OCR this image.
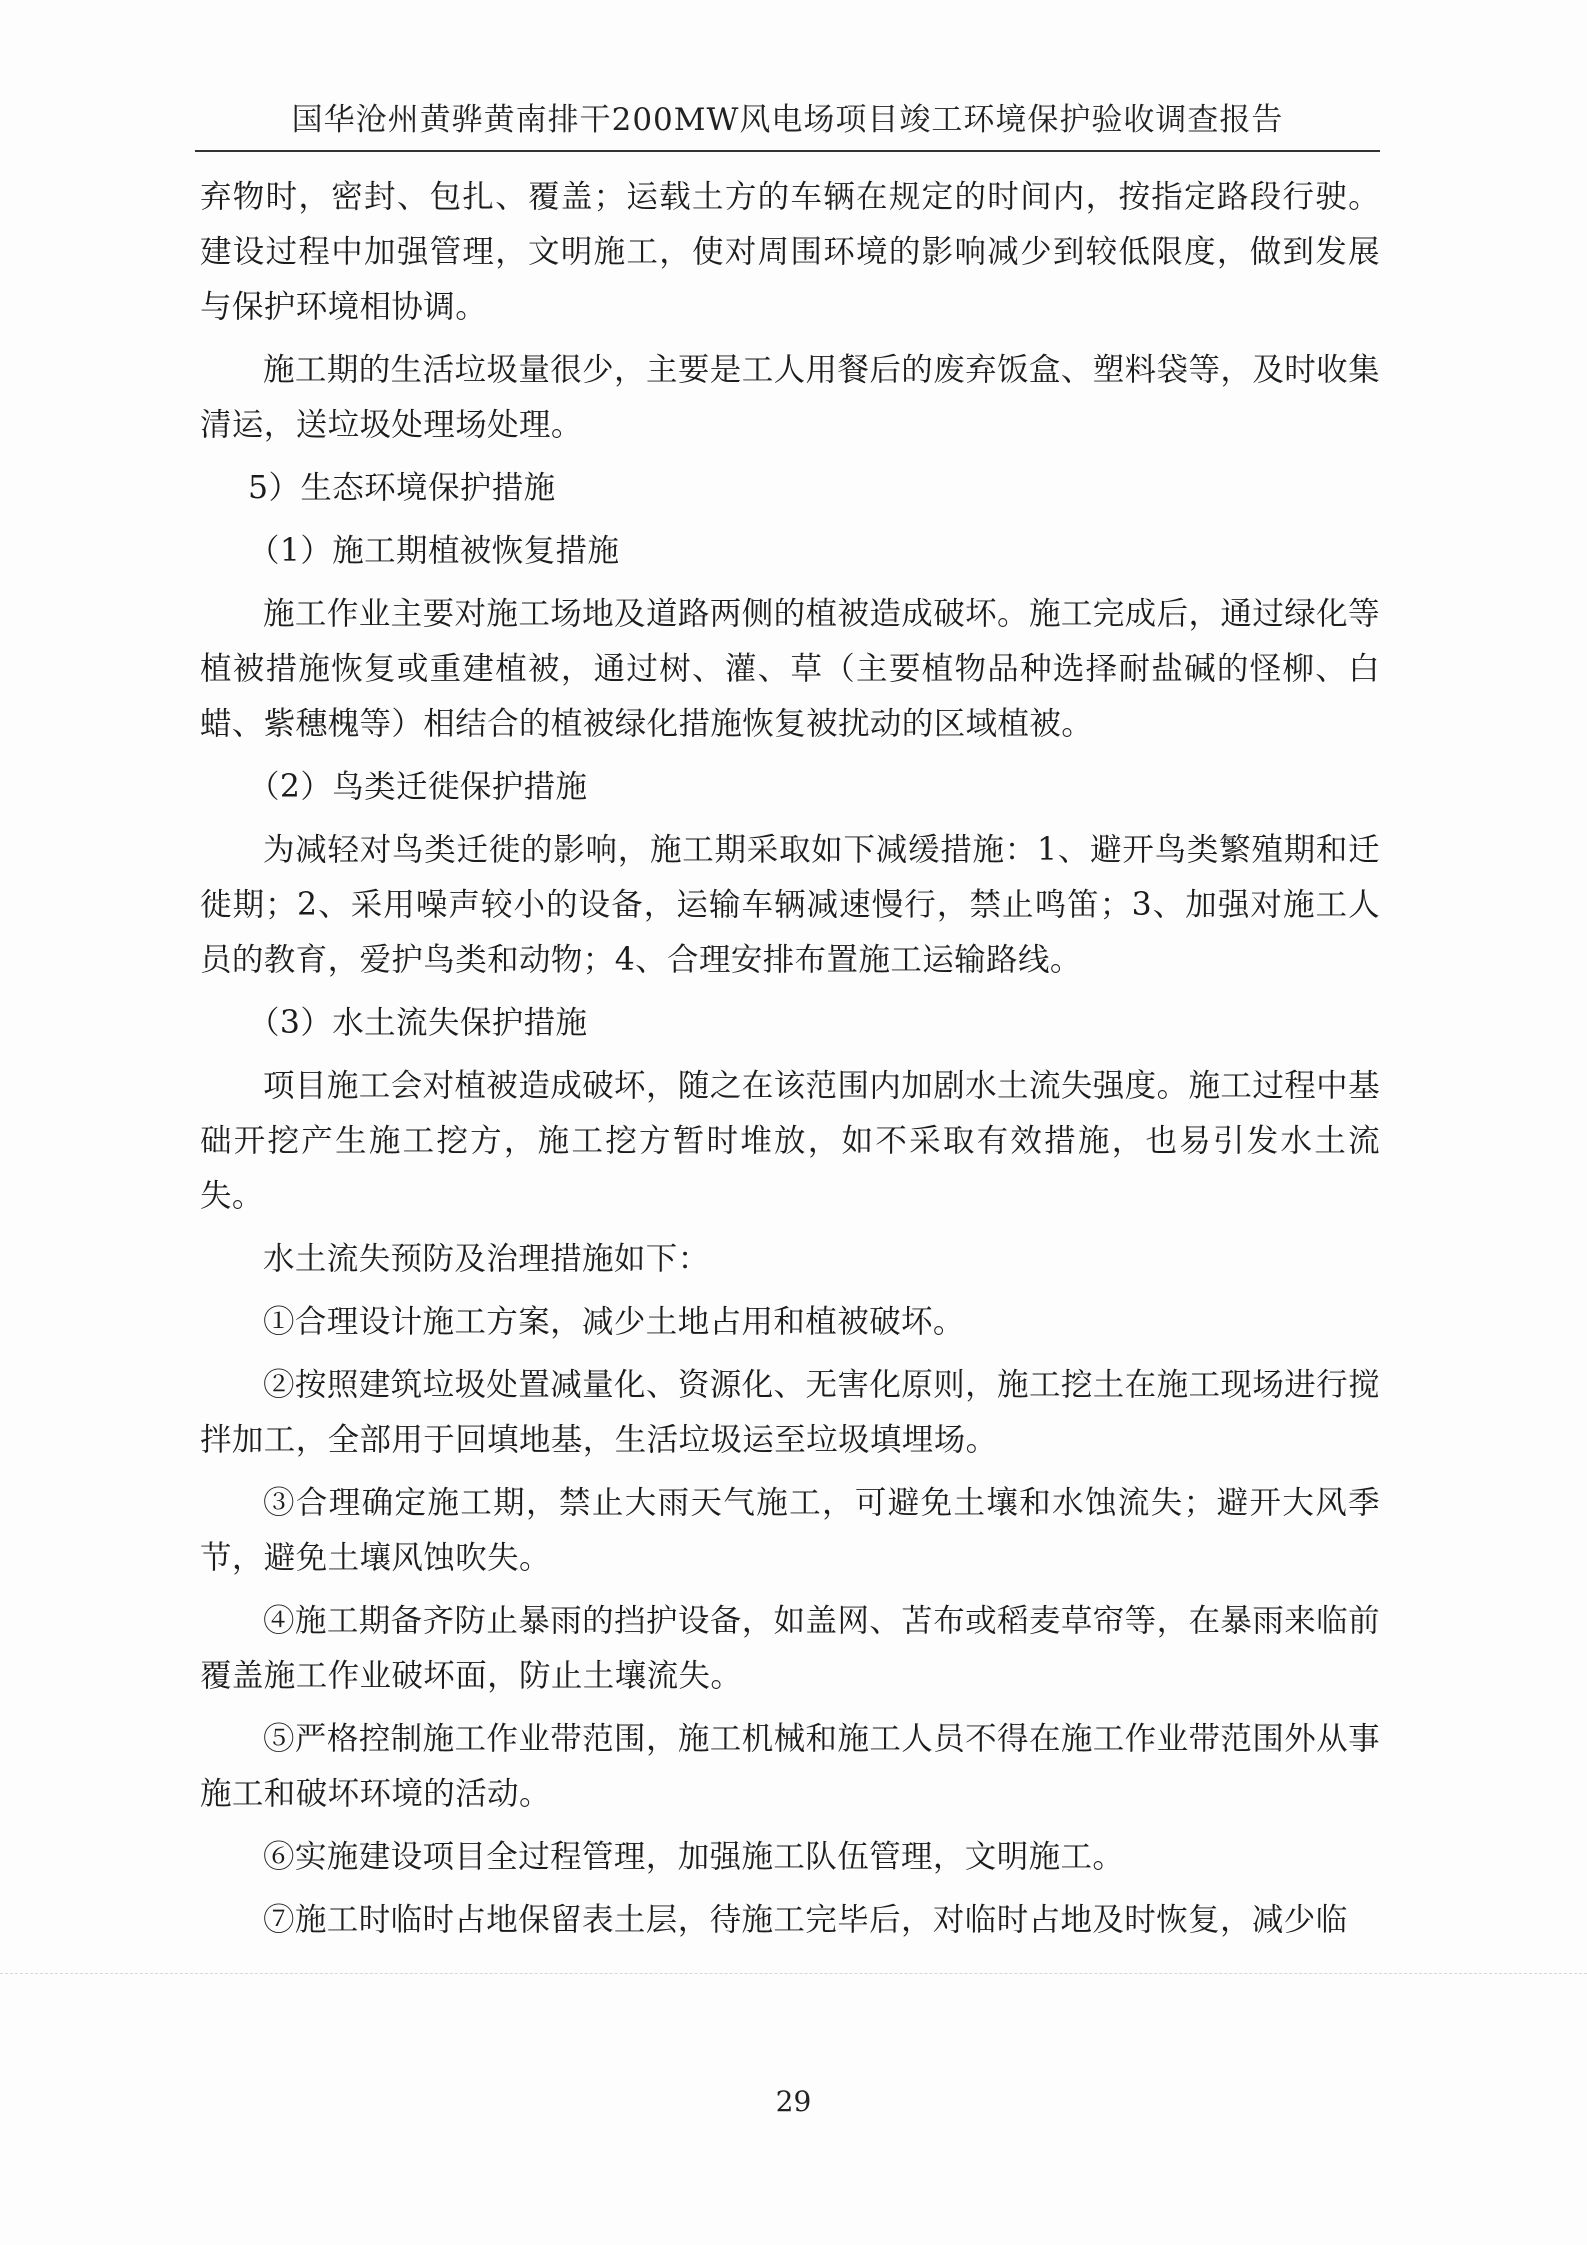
国华沧州黄骅黄南排干200MW风电场项目竣工环境保护验收调查报告

弃物时，密封、包扎、覆盖；运载土方的车辆在规定的时间内，按指定路段行驶。建设过程中加强管理，文明施工，使对周围环境的影响减少到较低限度，做到发展与保护环境相协调。

施工期的生活垃圾量很少，主要是工人用餐后的废弃饭盒、塑料袋等，及时收集清运，送垃圾处理场处理。

5）生态环境保护措施

（1）施工期植被恢复措施

施工作业主要对施工场地及道路两侧的植被造成破坏。施工完成后，通过绿化等植被措施恢复或重建植被，通过树、灌、草（主要植物品种选择耐盐碱的怪柳、白蜡、紫穗槐等）相结合的植被绿化措施恢复被扰动的区域植被。

（2）鸟类迁徙保护措施

为减轻对鸟类迁徙的影响，施工期采取如下减缓措施：1、避开鸟类繁殖期和迁徙期；2、采用噪声较小的设备，运输车辆减速慢行，禁止鸣笛；3、加强对施工人员的教育，爱护鸟类和动物；4、合理安排布置施工运输路线。

（3）水土流失保护措施

项目施工会对植被造成破坏，随之在该范围内加剧水土流失强度。施工过程中基础开挖产生施工挖方，施工挖方暂时堆放，如不采取有效措施，也易引发水土流失。

水土流失预防及治理措施如下：

①合理设计施工方案，减少土地占用和植被破坏。

②按照建筑垃圾处置减量化、资源化、无害化原则，施工挖土在施工现场进行搅拌加工，全部用于回填地基，生活垃圾运至垃圾填埋场。

③合理确定施工期，禁止大雨天气施工，可避免土壤和水蚀流失；避开大风季节，避免土壤风蚀吹失。

④施工期备齐防止暴雨的挡护设备，如盖网、苫布或稻麦草帘等，在暴雨来临前覆盖施工作业破坏面，防止土壤流失。

⑤严格控制施工作业带范围，施工机械和施工人员不得在施工作业带范围外从事施工和破坏环境的活动。

⑥实施建设项目全过程管理，加强施工队伍管理，文明施工。

⑦施工时临时占地保留表土层，待施工完毕后，对临时占地及时恢复，减少临

29
